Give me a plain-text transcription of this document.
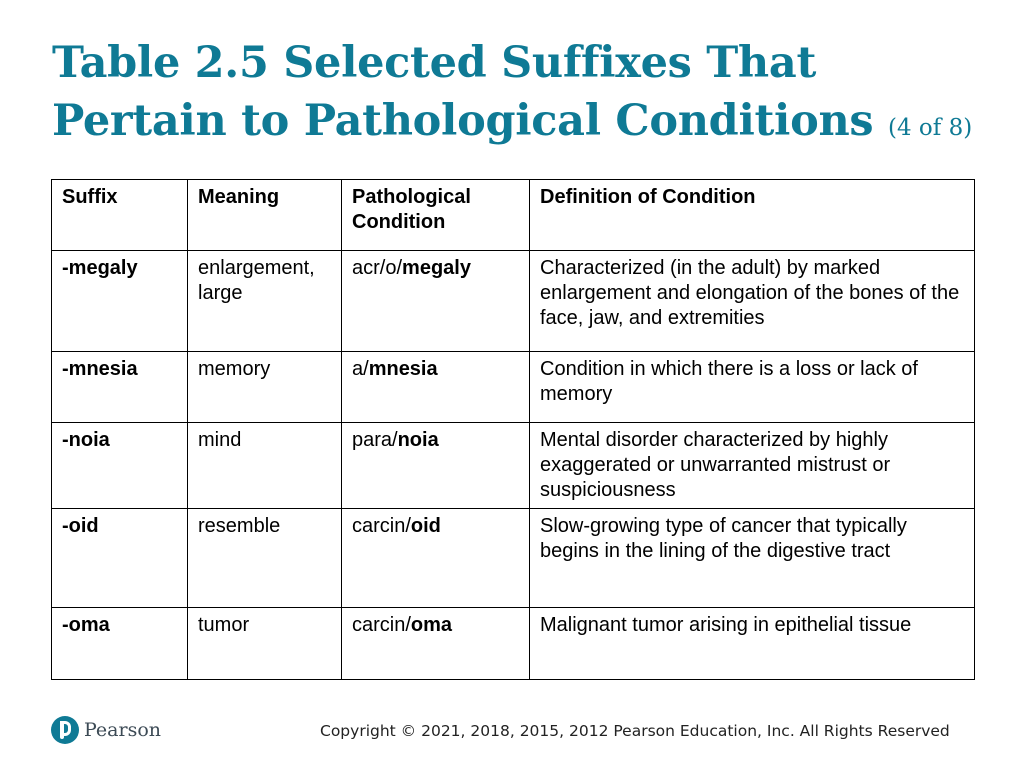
Table 2.5 Selected Suffixes That Pertain to Pathological Conditions (4 of 8)
Suffix	Meaning	Pathological Condition	Definition of Condition
-megaly	enlargement, large	acr/o/megaly	Characterized (in the adult) by marked enlargement and elongation of the bones of the face, jaw, and extremities
-mnesia	memory	a/mnesia	Condition in which there is a loss or lack of memory
-noia	mind	para/noia	Mental disorder characterized by highly exaggerated or unwarranted mistrust or suspiciousness
-oid	resemble	carcin/oid	Slow-growing type of cancer that typically begins in the lining of the digestive tract
-oma	tumor	carcin/oma	Malignant tumor arising in epithelial tissue
Pearson	Copyright © 2021, 2018, 2015, 2012 Pearson Education, Inc. All Rights Reserved
